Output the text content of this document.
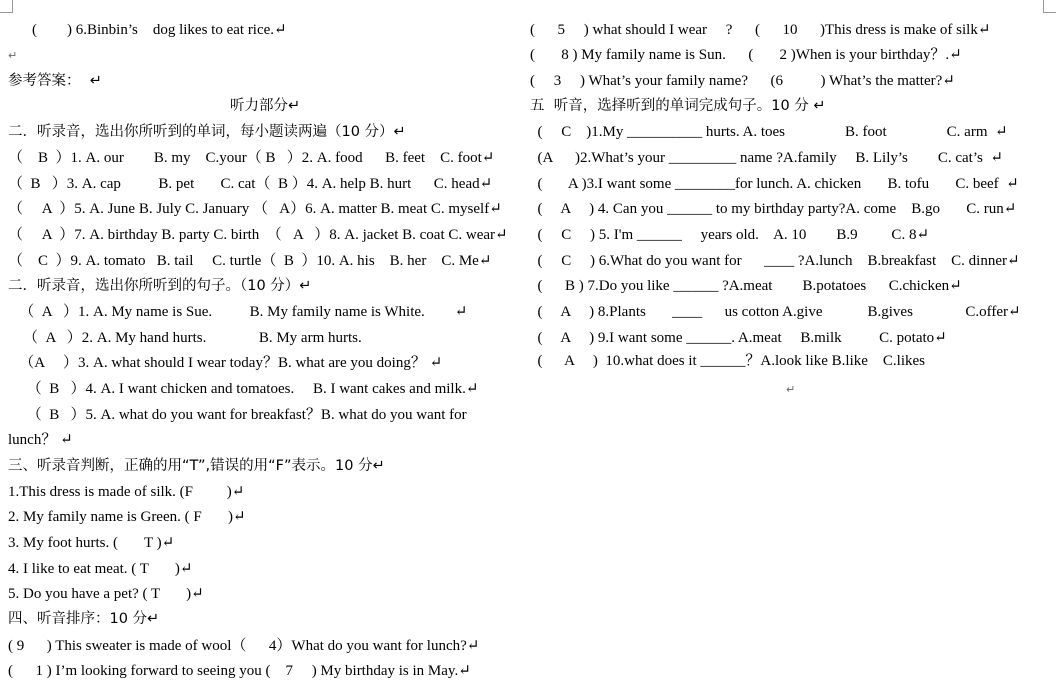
(        ) 6.Binbin’s    dog likes to eat rice.↵
↵
参考答案：  ↵
听力部分↵
二．听录音，选出你所听到的单词，每小题读两遍（10 分）↵
（    B  ）1. A. our        B. my    C.your（ B   ）2. A. food      B. feet    C. foot↵
（  B   ）3. A. cap          B. pet       C. cat（  B ）4. A. help B. hurt      C. head↵
（     A  ）5. A. June B. July C. January （   A）6. A. matter B. meat C. myself↵
（     A  ）7. A. birthday B. party C. birth  （   A   ）8. A. jacket B. coat C. wear↵
（    C  ）9. A. tomato   B. tail     C. turtle（  B  ）10. A. his    B. her    C. Me↵
二．听录音，选出你所听到的句子。（10 分）↵
（  A   ）1. A. My name is Sue.          B. My family name is White.        ↵
（  A   ）2. A. My hand hurts.              B. My arm hurts.
（A     ）3. A. what should I wear today？B. what are you doing？ ↵
（  B   ）4. A. I want chicken and tomatoes.     B. I want cakes and milk.↵
（  B   ）5. A. what do you want for breakfast？B. what do you want for
lunch？ ↵
三、听录音判断，正确的用“T”,错误的用“F”表示。10 分↵
1.This dress is made of silk. (F         )↵
2. My family name is Green. ( F       )↵
3. My foot hurts. (       T )↵
4. I like to eat meat. ( T       )↵
5. Do you have a pet? ( T       )↵
四、听音排序：10 分↵
( 9      ) This sweater is made of wool（      4）What do you want for lunch?↵
(      1 ) I’m looking forward to seeing you (    7     ) My birthday is in May.↵
(      5     ) what should I wear     ?      (      10      )This dress is make of silk↵
(       8 ) My family name is Sun.      (       2 )When is your birthday？.↵
(     3     ) What’s your family name?      (6          ) What’s the matter?↵
五  听音，选择听到的单词完成句子。10 分 ↵
(     C    )1.My __________ hurts. A. toes                B. foot                C. arm  ↵
(A      )2.What’s your _________ name ?A.family     B. Lily’s        C. cat’s  ↵
(       A )3.I want some ________for lunch. A. chicken       B. tofu       C. beef  ↵
(     A     ) 4. Can you ______ to my birthday party?A. come    B.go       C. run↵
(     C     ) 5. I'm ______     years old.    A. 10        B.9         C. 8↵
(     C     ) 6.What do you want for      ____ ?A.lunch    B.breakfast    C. dinner↵
(      B ) 7.Do you like ______ ?A.meat        B.potatoes      C.chicken↵
(     A     ) 8.Plants       ____      us cotton A.give            B.gives              C.offer↵
(     A     ) 9.I want some ______. A.meat     B.milk          C. potato↵
(      A     )  10.what does it ______？A.look like B.like    C.likes
↵
